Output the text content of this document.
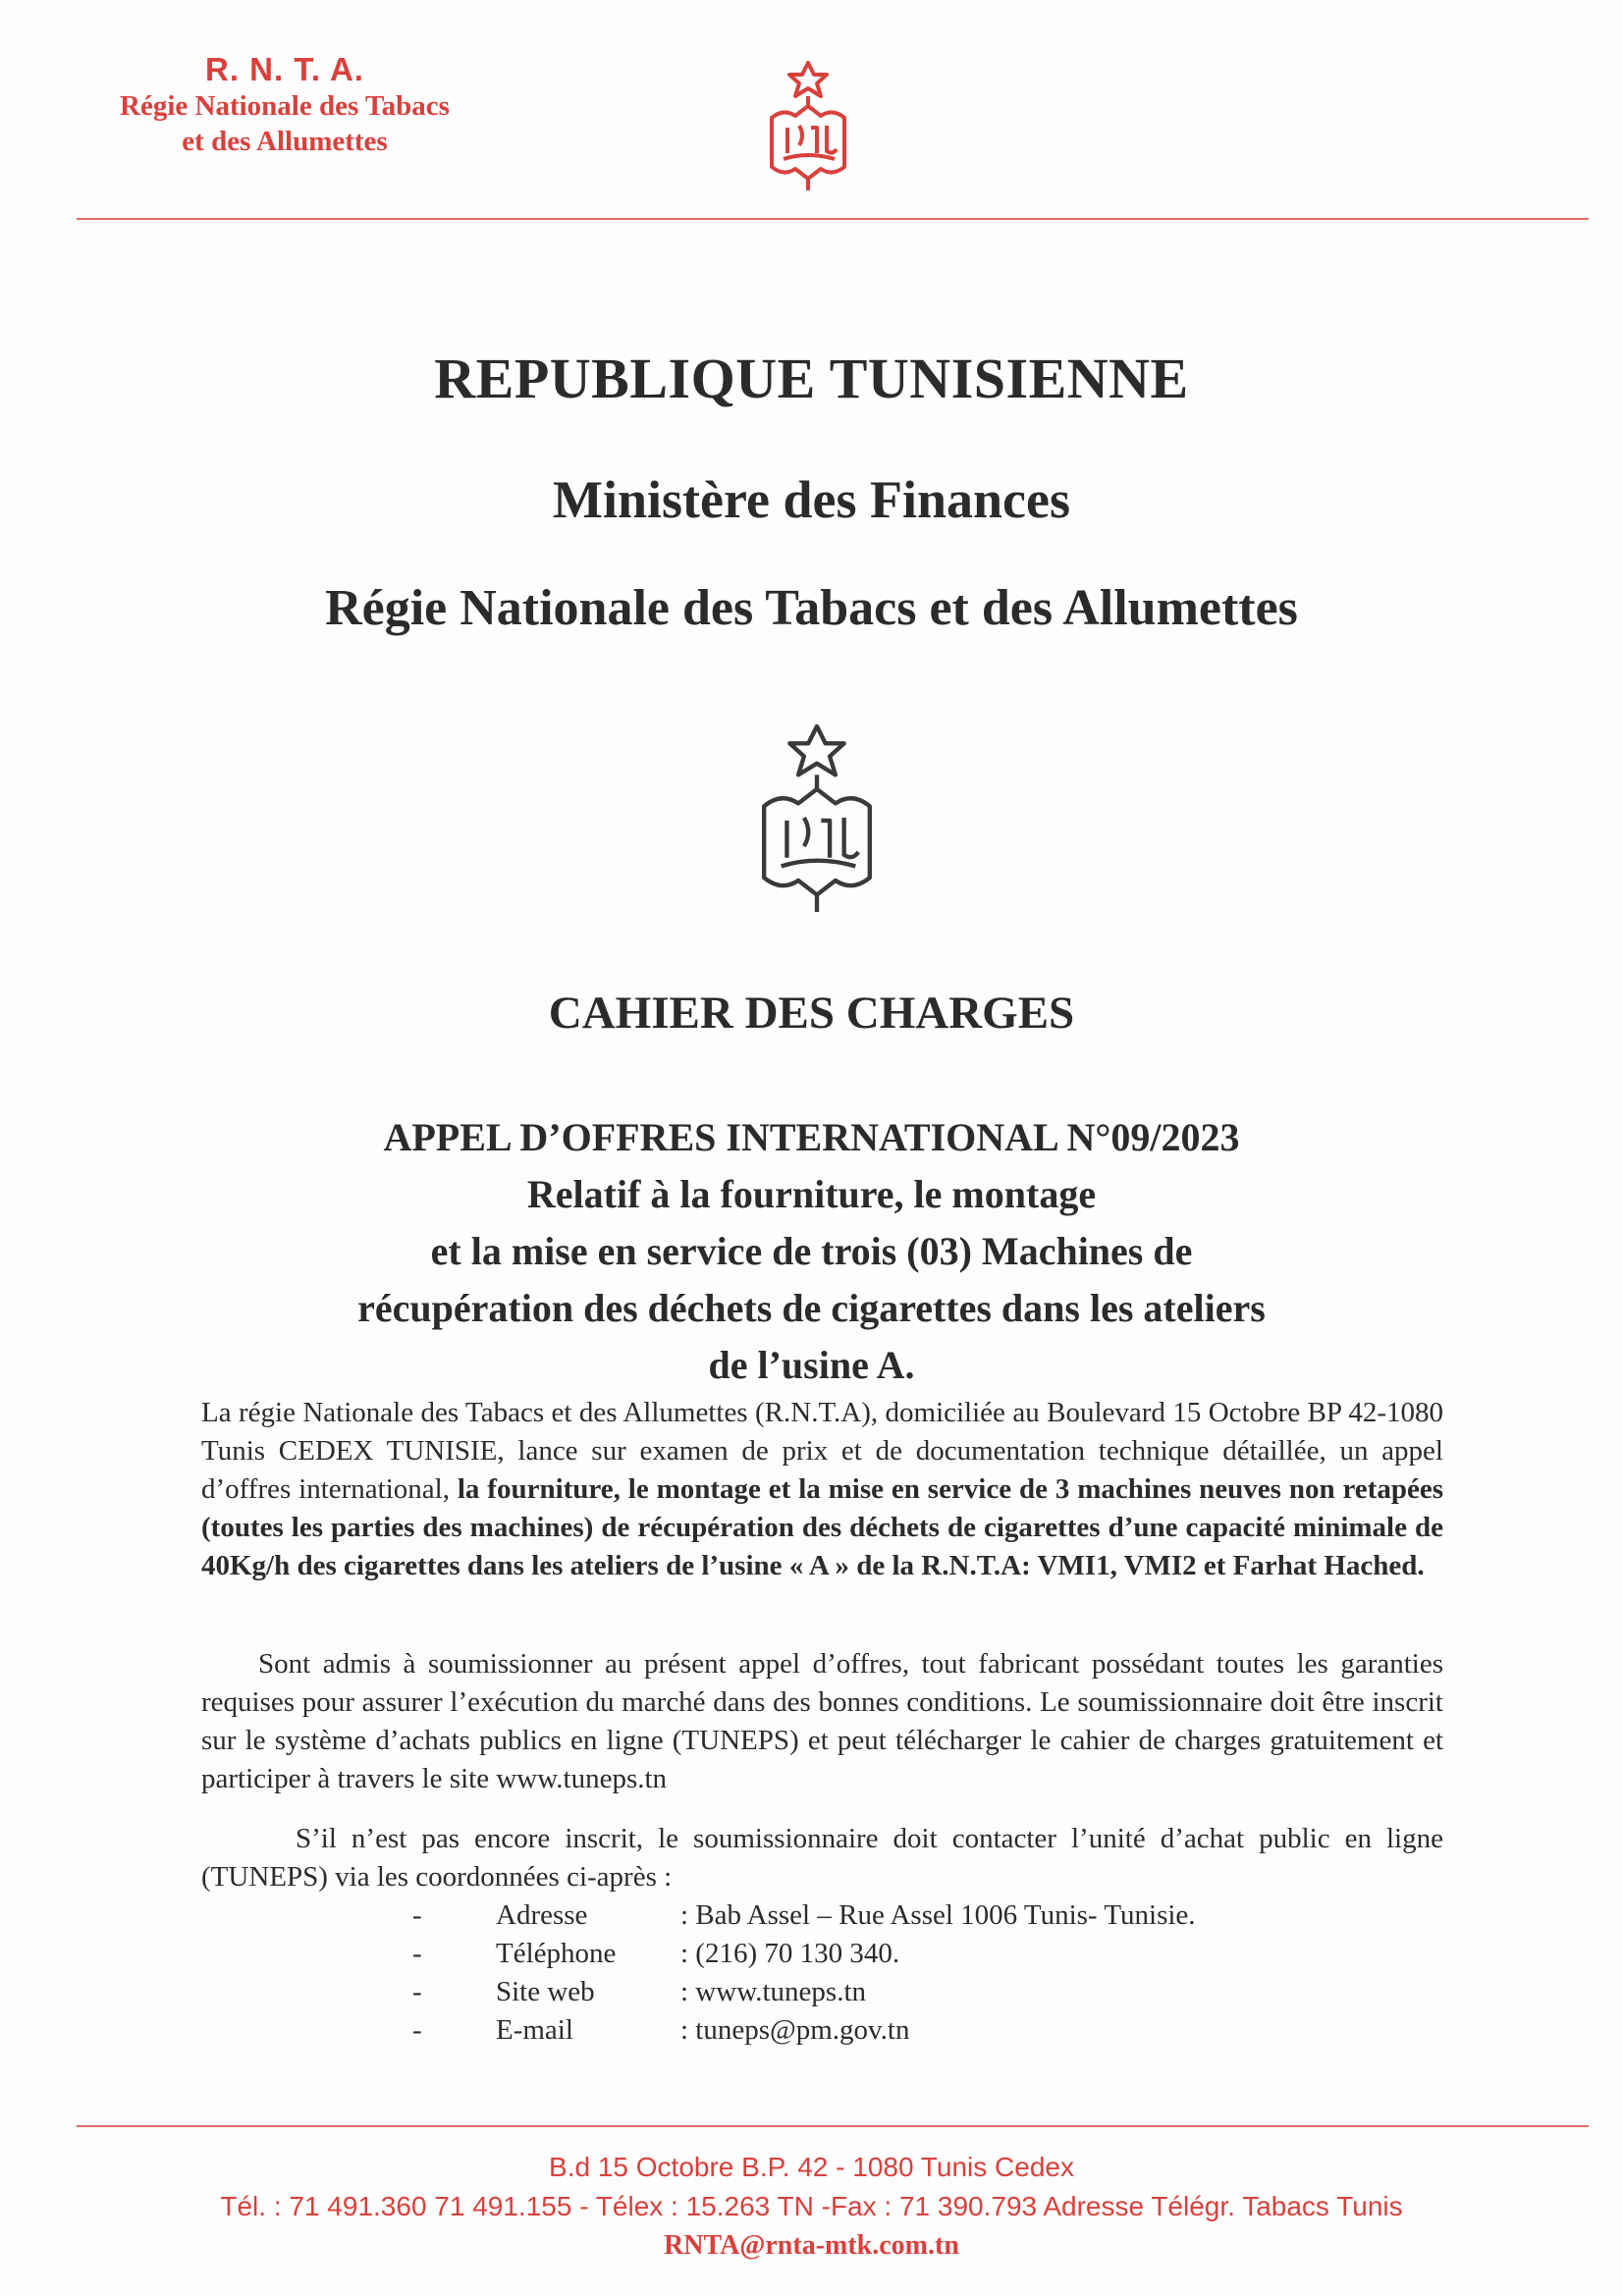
R. N. T. A.
Régie Nationale des Tabacs
et des Allumettes
REPUBLIQUE TUNISIENNE
Ministère des Finances
Régie Nationale des Tabacs et des Allumettes
CAHIER DES CHARGES
APPEL D’OFFRES INTERNATIONAL N°09/2023
Relatif à la fourniture, le montage
et la mise en service de trois (03) Machines de
récupération des déchets de cigarettes dans les ateliers
de l’usine A.
La régie Nationale des Tabacs et des Allumettes (R.N.T.A), domiciliée au Boulevard 15 Octobre BP 42-1080 Tunis CEDEX TUNISIE, lance sur examen de prix et de documentation technique détaillée, un appel d’offres international, la fourniture, le montage et la mise en service de 3 machines neuves non retapées (toutes les parties des machines) de récupération des déchets de cigarettes d’une capacité minimale de 40Kg/h des cigarettes dans les ateliers de l’usine « A » de la R.N.T.A: VMI1, VMI2 et Farhat Hached.
Sont admis à soumissionner au présent appel d’offres, tout fabricant possédant toutes les garanties requises pour assurer l’exécution du marché dans des bonnes conditions. Le soumissionnaire doit être inscrit sur le système d’achats publics en ligne (TUNEPS) et peut télécharger le cahier de charges gratuitement et participer à travers le site www.tuneps.tn
S’il n’est pas encore inscrit, le soumissionnaire doit contacter l’unité d’achat public en ligne (TUNEPS) via les coordonnées ci-après :
-	Adresse	: Bab Assel – Rue Assel 1006 Tunis- Tunisie.
-	Téléphone	: (216) 70 130 340.
-	Site web	: www.tuneps.tn
-	E-mail	: tuneps@pm.gov.tn
B.d 15 Octobre B.P. 42 - 1080 Tunis Cedex
Tél. : 71 491.360 71 491.155 - Télex : 15.263 TN -Fax : 71 390.793 Adresse Télégr. Tabacs Tunis
RNTA@rnta-mtk.com.tn
